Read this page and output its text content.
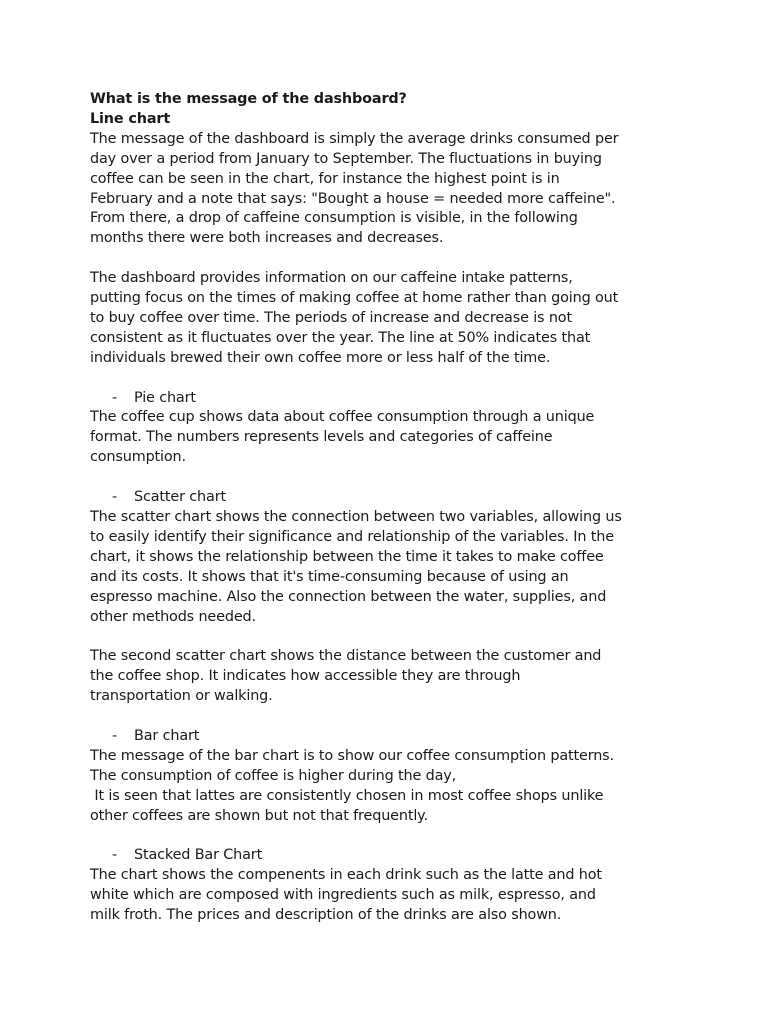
What is the message of the dashboard?
Line chart
The message of the dashboard is simply the average drinks consumed per
day over a period from January to September. The fluctuations in buying
coffee can be seen in the chart, for instance the highest point is in
February and a note that says: "Bought a house = needed more caffeine".
From there, a drop of caffeine consumption is visible, in the following
months there were both increases and decreases.
The dashboard provides information on our caffeine intake patterns,
putting focus on the times of making coffee at home rather than going out
to buy coffee over time. The periods of increase and decrease is not
consistent as it fluctuates over the year. The line at 50% indicates that
individuals brewed their own coffee more or less half of the time.
- Pie chart
The coffee cup shows data about coffee consumption through a unique
format. The numbers represents levels and categories of caffeine
consumption.
- Scatter chart
The scatter chart shows the connection between two variables, allowing us
to easily identify their significance and relationship of the variables. In the
chart, it shows the relationship between the time it takes to make coffee
and its costs. It shows that it's time-consuming because of using an
espresso machine. Also the connection between the water, supplies, and
other methods needed.
The second scatter chart shows the distance between the customer and
the coffee shop. It indicates how accessible they are through
transportation or walking.
- Bar chart
The message of the bar chart is to show our coffee consumption patterns.
The consumption of coffee is higher during the day,
It is seen that lattes are consistently chosen in most coffee shops unlike
other coffees are shown but not that frequently.
- Stacked Bar Chart
The chart shows the compenents in each drink such as the latte and hot
white which are composed with ingredients such as milk, espresso, and
milk froth. The prices and description of the drinks are also shown.
